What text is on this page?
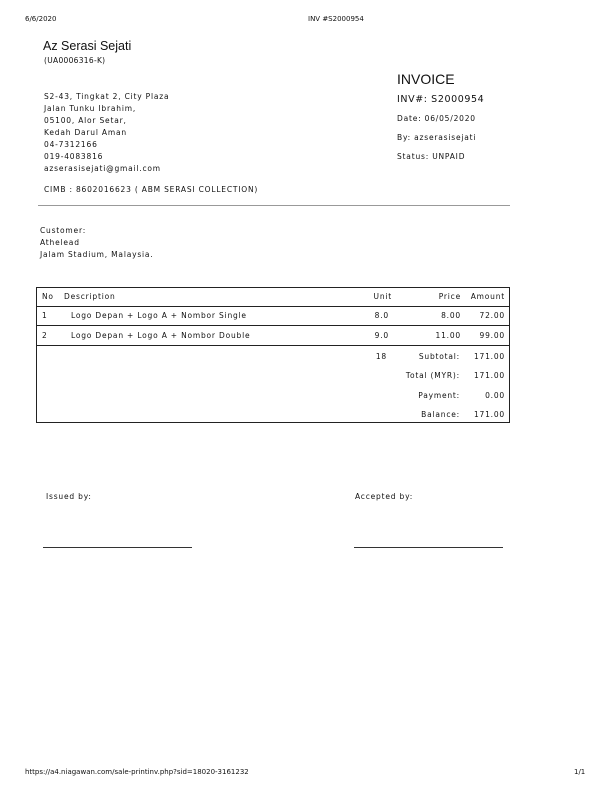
6/6/2020	INV #S2000954
Az Serasi Sejati
(UA0006316-K)
S2-43, Tingkat 2, City Plaza
Jalan Tunku Ibrahim,
05100, Alor Setar,
Kedah Darul Aman
04-7312166
019-4083816
azserasisejati@gmail.com
CIMB : 8602016623 ( ABM SERASI COLLECTION)
INVOICE
INV#: S2000954
Date: 06/05/2020
By: azserasisejati
Status: UNPAID
Customer:
Athelead
Jalam Stadium, Malaysia.
No Description	Unit	Price Amount
1	Logo Depan + Logo A + Nombor Single	8.0	8.00 72.00
2	Logo Depan + Logo A + Nombor Double	9.0	11.00 99.00
18	Subtotal: 171.00
Total (MYR): 171.00
Payment:	0.00
Balance: 171.00
Issued by:	Accepted by:
https://a4.niagawan.com/sale-printinv.php?sid=18020-3161232	1/1
